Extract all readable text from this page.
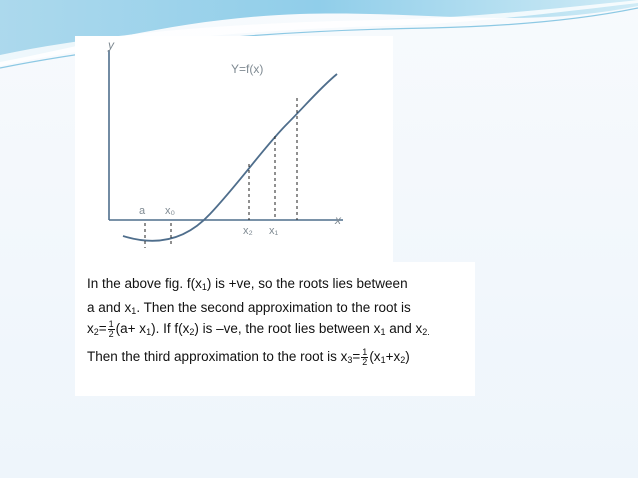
y
x
Y=f(x)
a x₀
x₂ x₁
In the above fig. $f(x_1)$ is +ve, so the roots lies between
a and $x_1$. Then the second approximation to the root is
$x_2= \frac{1}{2} (a+ x_1)$. If $f(x_2)$ is –ve, the root lies between $x_1$ and $x_{2.}$
Then the third approximation to the root is $x_3= \frac{1}{2} (x_1+x_2)$
